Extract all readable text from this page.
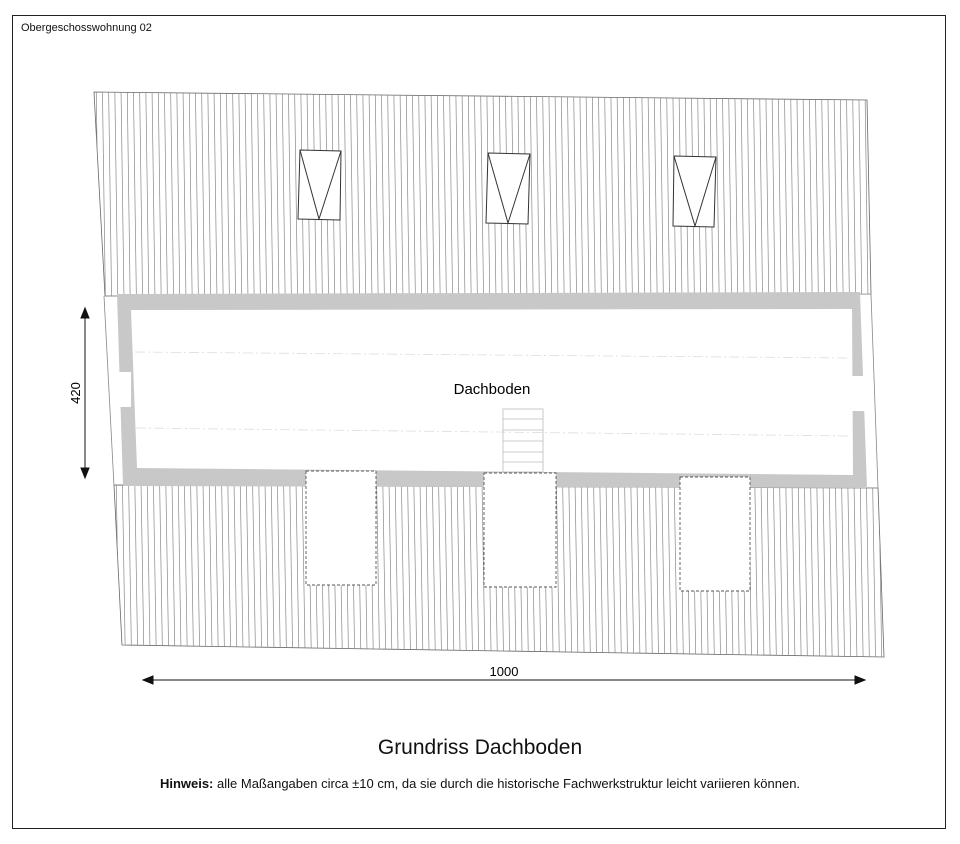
Obergeschosswohnung 02
420
1000
Dachboden
Grundriss Dachboden
Hinweis: alle Maßangaben circa ±10 cm, da sie durch die historische Fachwerkstruktur leicht variieren können.
